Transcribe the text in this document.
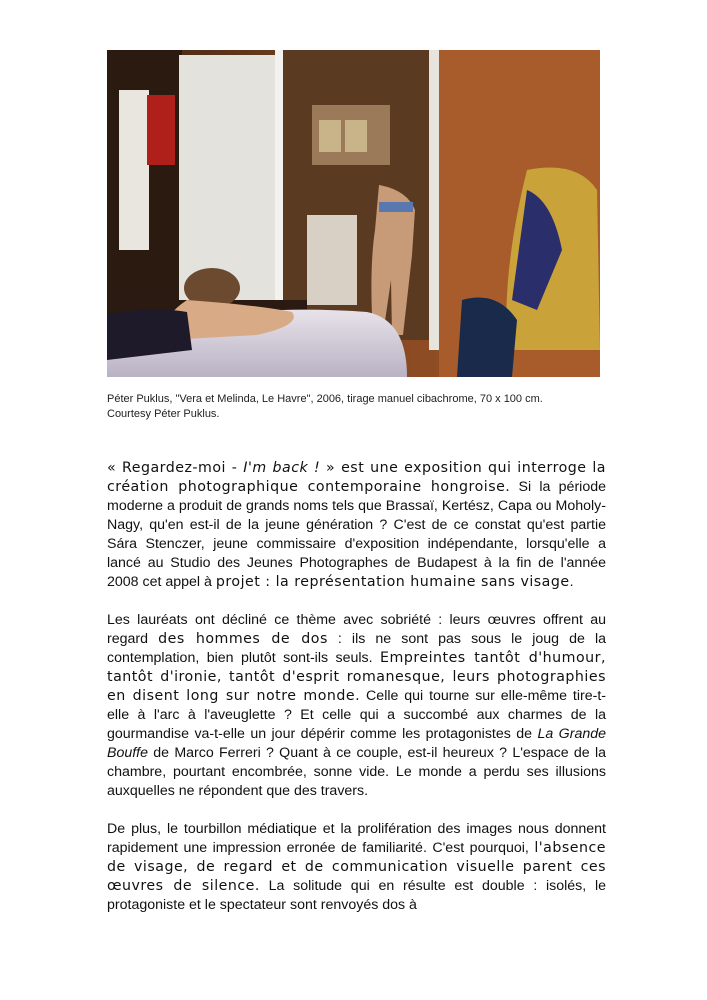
Péter Puklus, "Vera et Melinda, Le Havre", 2006, tirage manuel cibachrome, 70 x 100 cm.
Courtesy Péter Puklus.

« Regardez-moi - I'm back ! » est une exposition qui interroge la création photographique contemporaine hongroise. Si la période moderne a produit de grands noms tels que Brassaï, Kertész, Capa ou Moholy-Nagy, qu'en est-il de la jeune génération ? C'est de ce constat qu'est partie Sára Stenczer, jeune commissaire d'exposition indépendante, lorsqu'elle a lancé au Studio des Jeunes Photographes de Budapest à la fin de l'année 2008 cet appel à projet : la représentation humaine sans visage.

Les lauréats ont décliné ce thème avec sobriété : leurs œuvres offrent au regard des hommes de dos : ils ne sont pas sous le joug de la contemplation, bien plutôt sont-ils seuls. Empreintes tantôt d'humour, tantôt d'ironie, tantôt d'esprit romanesque, leurs photographies en disent long sur notre monde. Celle qui tourne sur elle-même tire-t-elle à l'arc à l'aveuglette ? Et celle qui a succombé aux charmes de la gourmandise va-t-elle un jour dépérir comme les protagonistes de La Grande Bouffe de Marco Ferreri ? Quant à ce couple, est-il heureux ? L'espace de la chambre, pourtant encombrée, sonne vide. Le monde a perdu ses illusions auxquelles ne répondent que des travers.

De plus, le tourbillon médiatique et la prolifération des images nous donnent rapidement une impression erronée de familiarité. C'est pourquoi, l'absence de visage, de regard et de communication visuelle parent ces œuvres de silence. La solitude qui en résulte est double : isolés, le protagoniste et le spectateur sont renvoyés dos à
